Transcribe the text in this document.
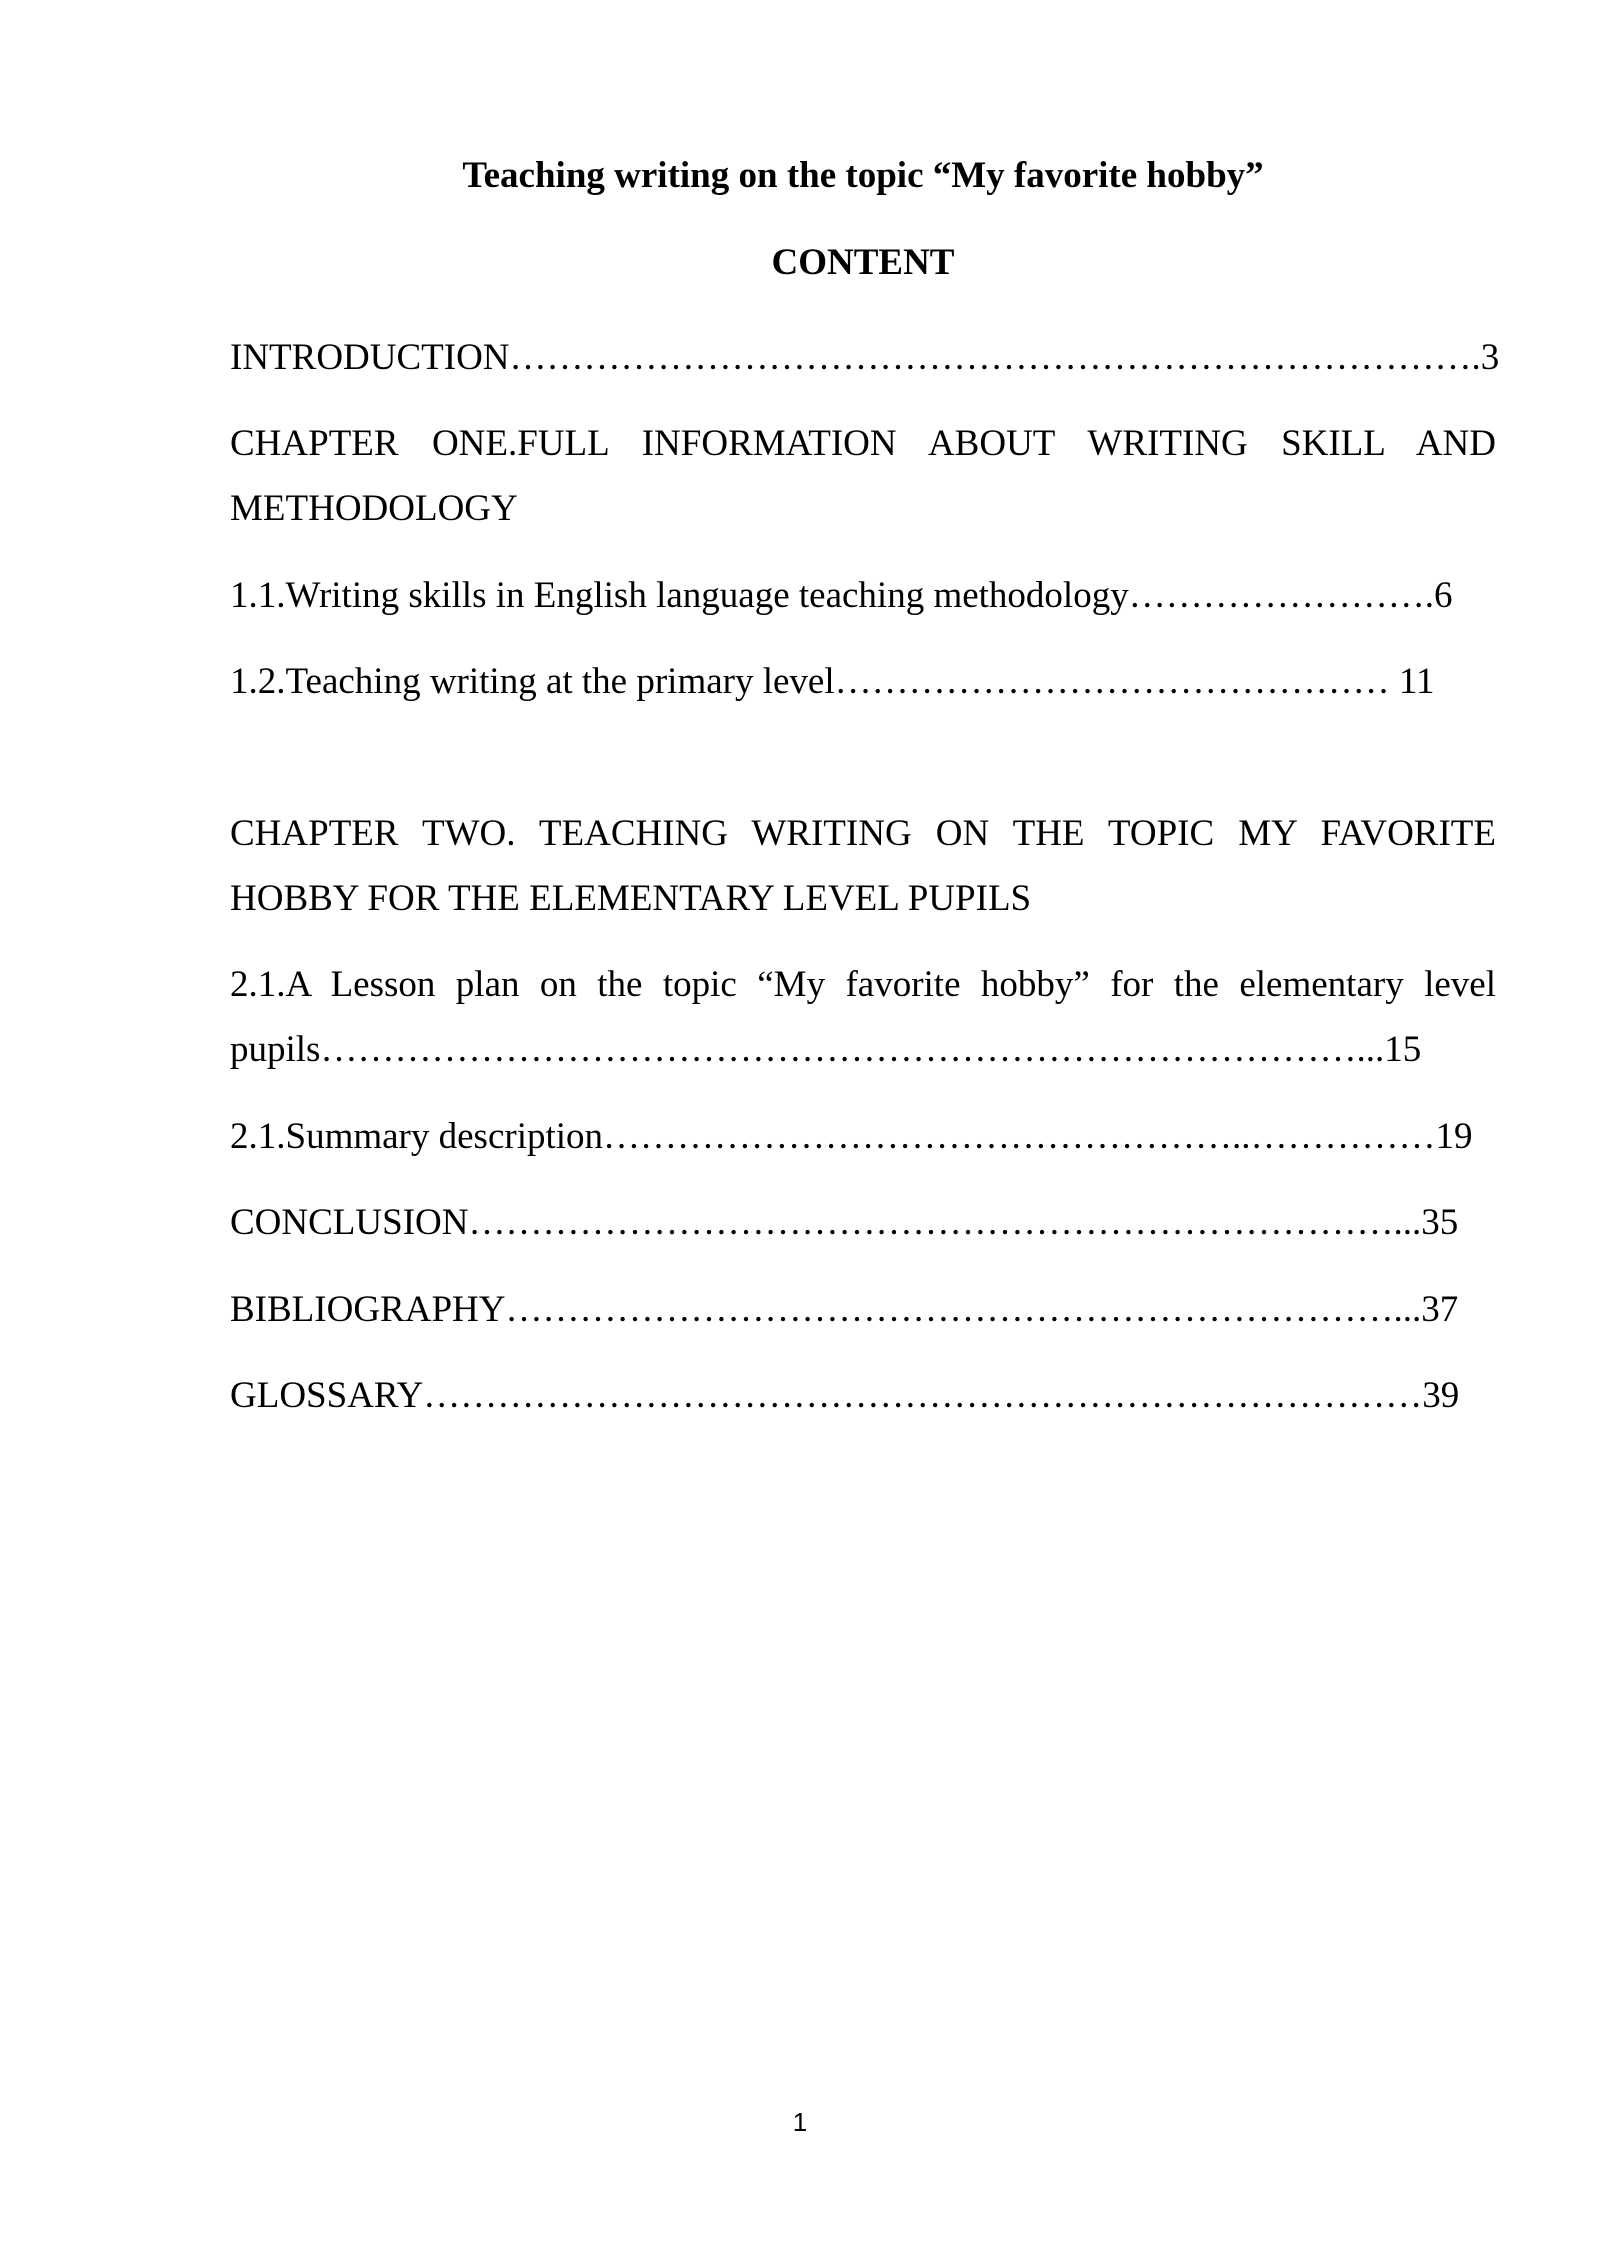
Teaching writing on the topic “My favorite hobby”
CONTENT

INTRODUCTION…………………………………………………………………….3

CHAPTER ONE.FULL INFORMATION ABOUT WRITING SKILL AND METHODOLOGY

1.1.Writing skills in English language teaching methodology…………………….6

1.2.Teaching writing at the primary level……………………………………… 11

CHAPTER TWO. TEACHING WRITING ON THE TOPIC MY FAVORITE HOBBY FOR THE ELEMENTARY LEVEL PUPILS

2.1.A Lesson plan on the topic “My favorite hobby” for the elementary level pupils…………………………………………………………………………...15

2.1.Summary description……………………………………………..……………19

CONCLUSION…………………………………………………………………...35

BIBLIOGRAPHY………………………………………………………………...37

GLOSSARY………………………………………………………………………39

1
